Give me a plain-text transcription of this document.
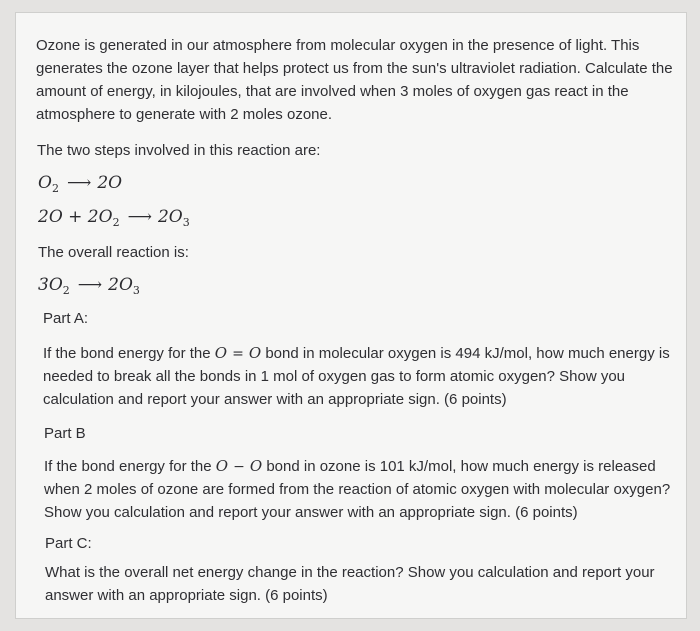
Ozone is generated in our atmosphere from molecular oxygen in the presence of light. This
generates the ozone layer that helps protect us from the sun's ultraviolet radiation. Calculate the
amount of energy, in kilojoules, that are involved when 3 moles of oxygen gas react in the
atmosphere to generate with 2 moles ozone.
The two steps involved in this reaction are:
$O_2$ ⟶ 2O
$2O + 2O_2$ ⟶ $2O_3$
The overall reaction is:
$3O_2$ ⟶ $2O_3$
Part A:
If the bond energy for the O = O bond in molecular oxygen is 494 kJ/mol, how much energy is
needed to break all the bonds in 1 mol of oxygen gas to form atomic oxygen? Show you
calculation and report your answer with an appropriate sign. (6 points)
Part B
If the bond energy for the O − O bond in ozone is 101 kJ/mol, how much energy is released
when 2 moles of ozone are formed from the reaction of atomic oxygen with molecular oxygen?
Show you calculation and report your answer with an appropriate sign. (6 points)
Part C:
What is the overall net energy change in the reaction? Show you calculation and report your
answer with an appropriate sign. (6 points)
